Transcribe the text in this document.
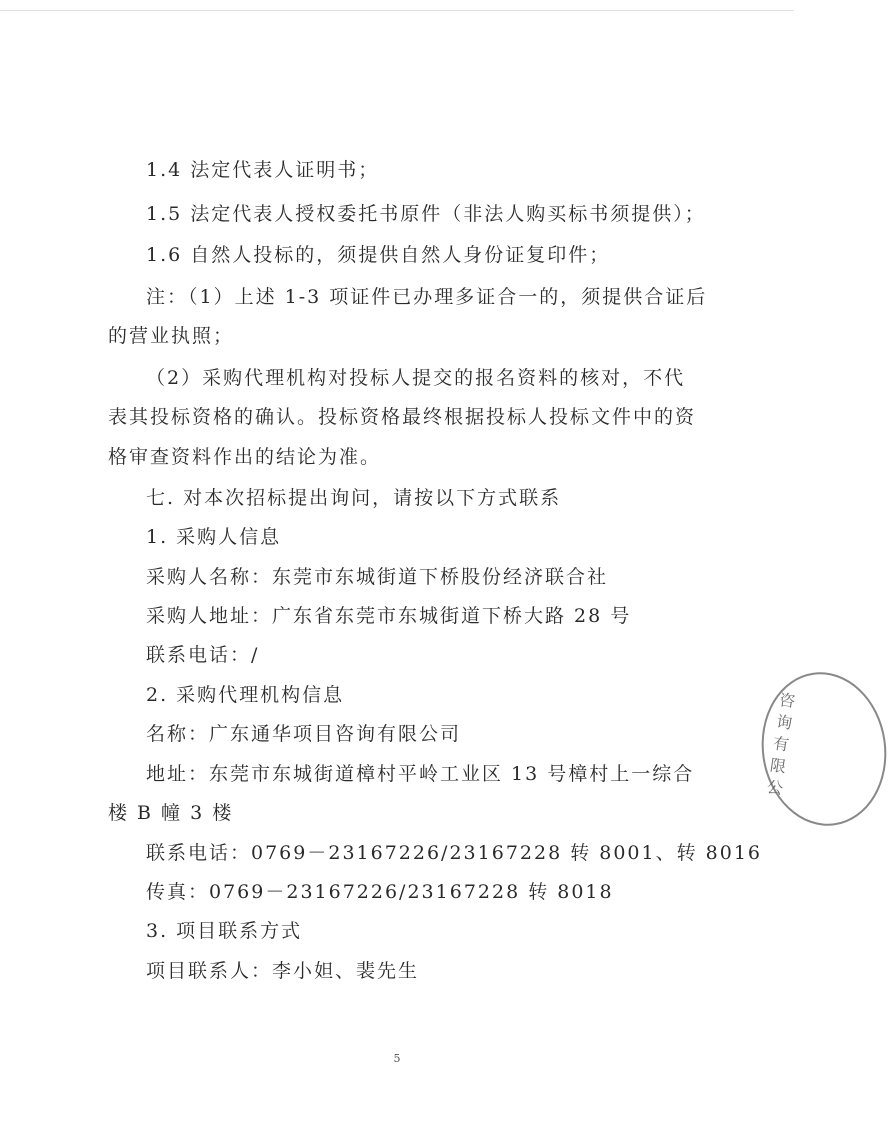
1.4 法定代表人证明书；
1.5 法定代表人授权委托书原件（非法人购买标书须提供）；
1.6 自然人投标的，须提供自然人身份证复印件；
注：（1）上述 1-3 项证件已办理多证合一的，须提供合证后
的营业执照；
（2）采购代理机构对投标人提交的报名资料的核对，不代
表其投标资格的确认。投标资格最终根据投标人投标文件中的资
格审查资料作出的结论为准。
七. 对本次招标提出询问，请按以下方式联系
1. 采购人信息
采购人名称：东莞市东城街道下桥股份经济联合社
采购人地址：广东省东莞市东城街道下桥大路 28 号
联系电话：/
2. 采购代理机构信息
名称：广东通华项目咨询有限公司
地址：东莞市东城街道樟村平岭工业区 13 号樟村上一综合
楼 B 幢 3 楼
联系电话：0769－23167226/23167228 转 8001、转 8016
传真：0769－23167226/23167228 转 8018
3. 项目联系方式
项目联系人：李小妲、裴先生
咨询有限公
5
